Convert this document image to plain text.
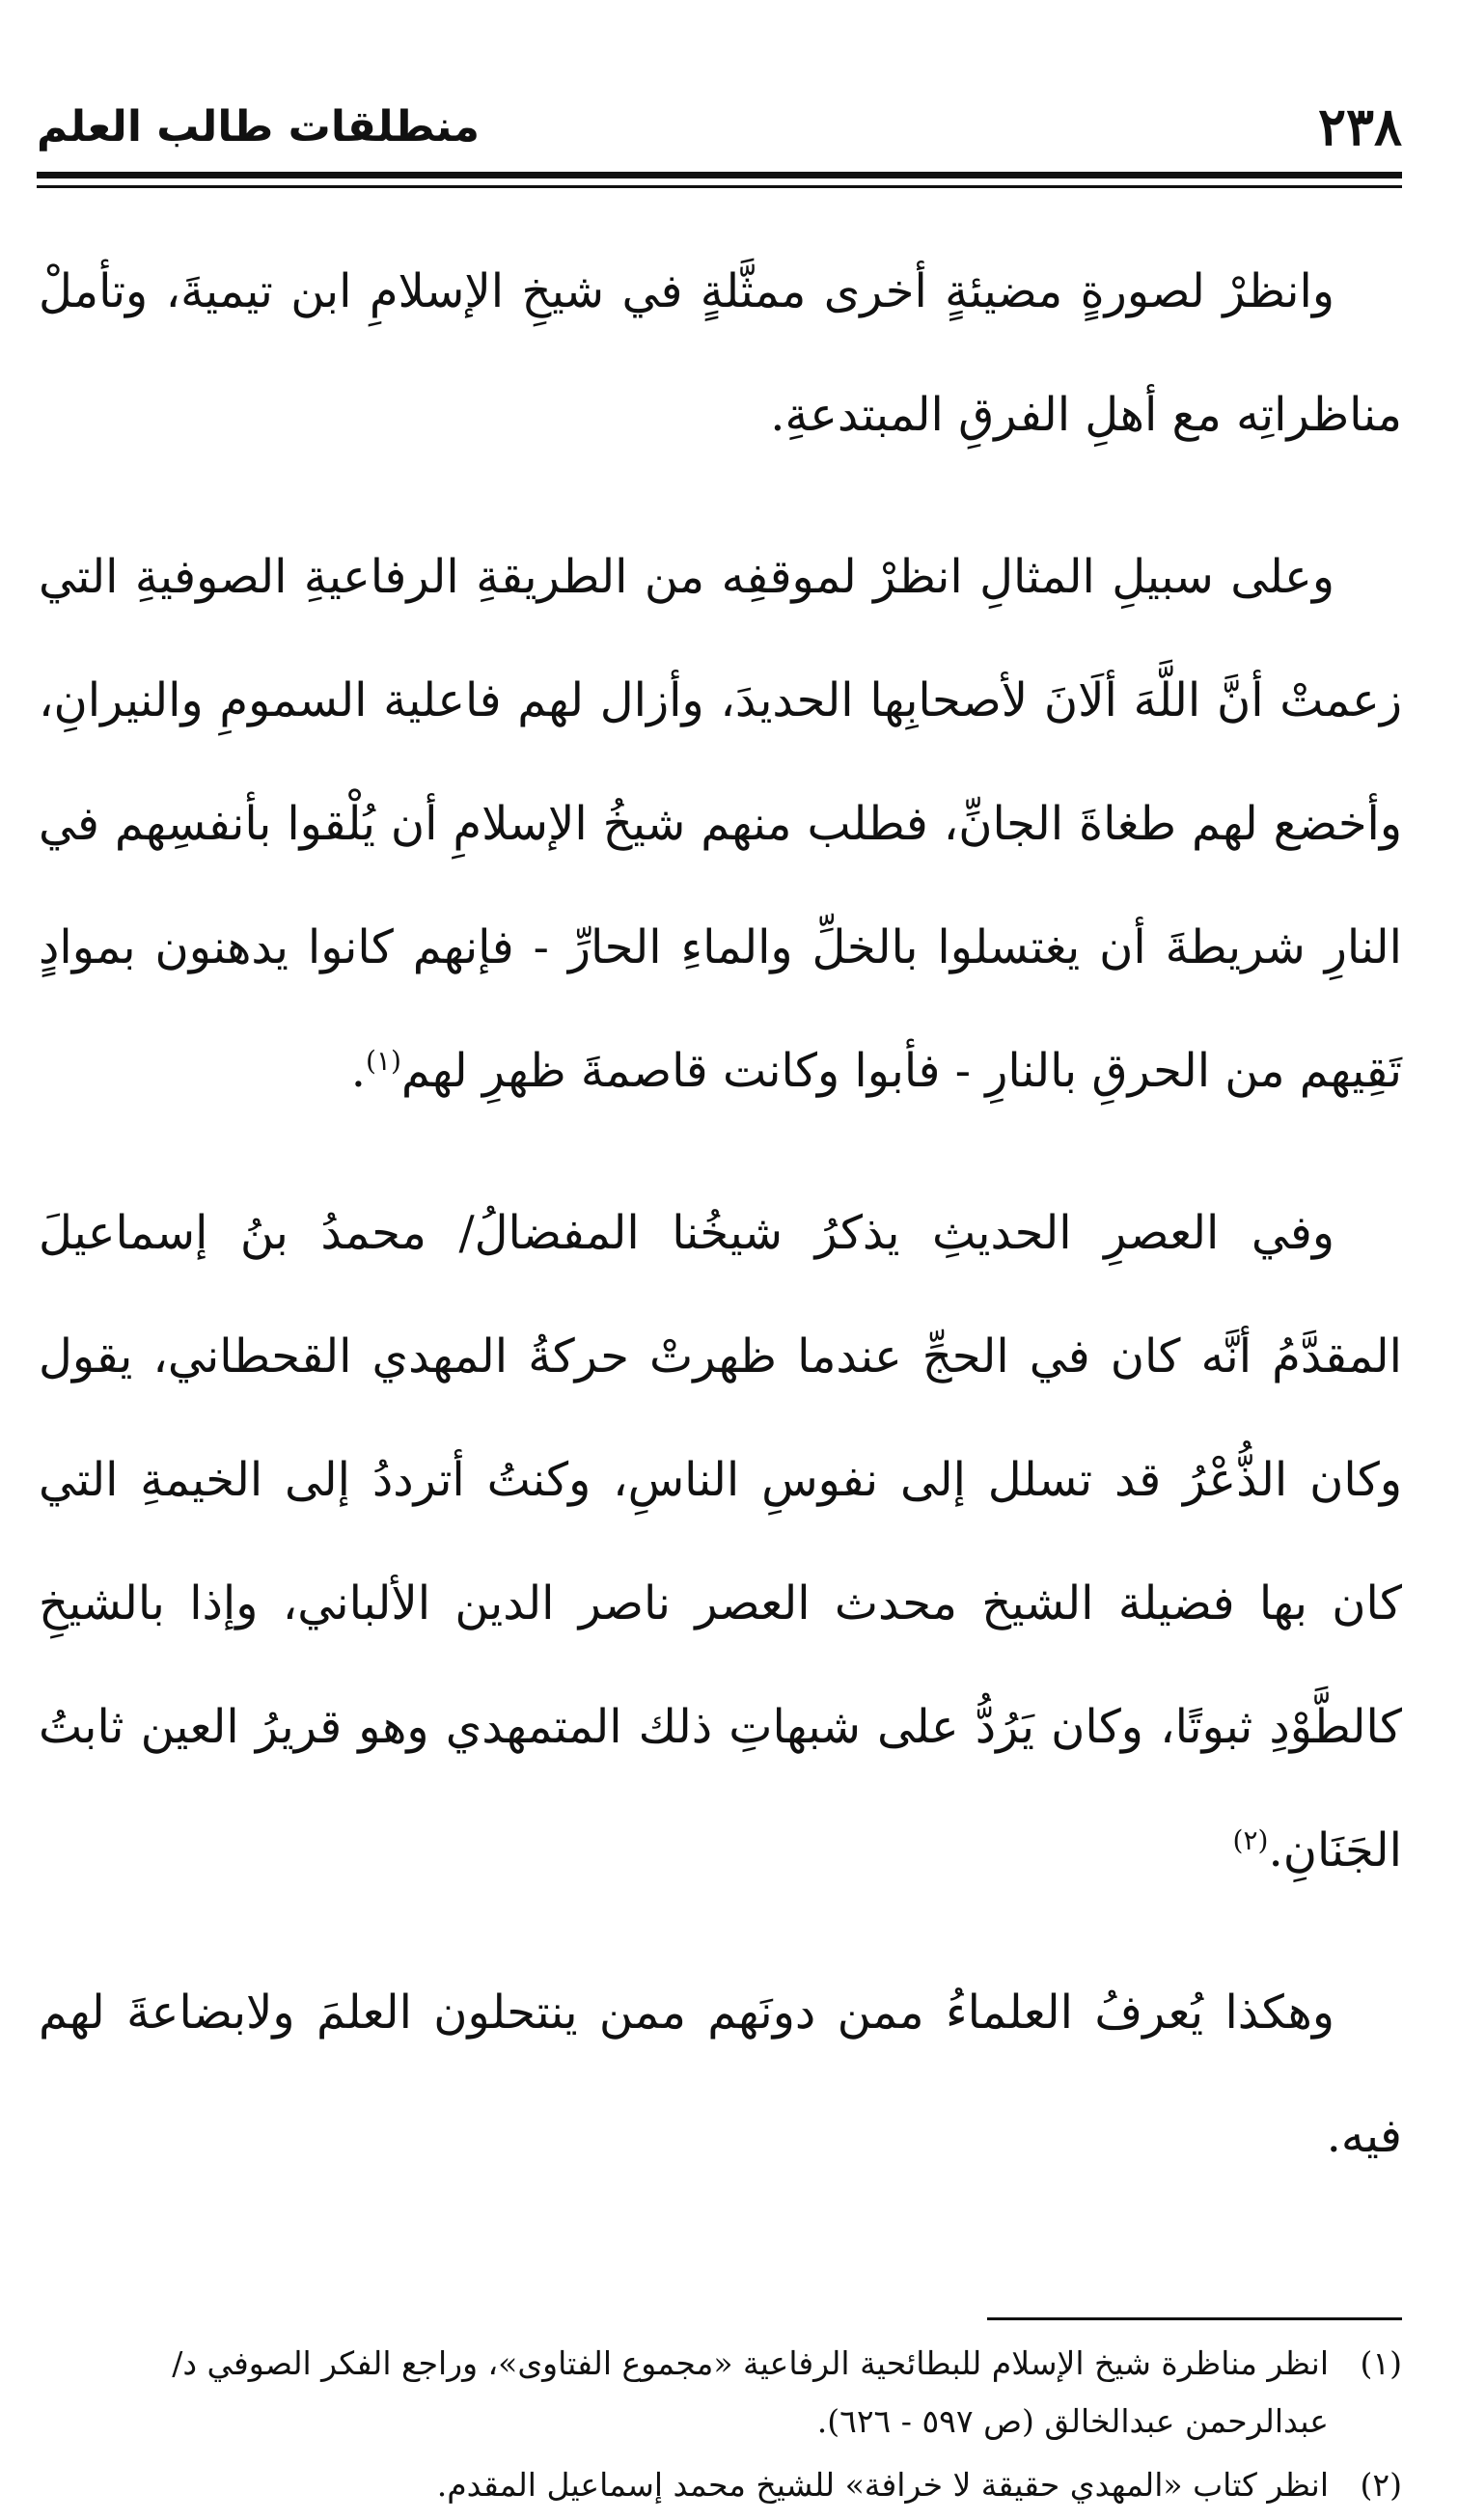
٢٣٨
منطلقات طالب العلم

وانظرْ لصورةٍ مضيئةٍ أخرى ممثَّلةٍ في شيخِ الإسلامِ ابن تيميةَ، وتأملْ مناظراتِه مع أهلِ الفرقِ المبتدعةِ.

وعلى سبيلِ المثالِ انظرْ لموقفِه من الطريقةِ الرفاعيةِ الصوفيةِ التي زعمتْ أنَّ اللَّهَ ألَانَ لأصحابِها الحديدَ، وأزال لهم فاعلية السمومِ والنيرانِ، وأخضع لهم طغاةَ الجانِّ، فطلب منهم شيخُ الإسلامِ أن يُلْقوا بأنفسِهم في النارِ شريطةَ أن يغتسلوا بالخلِّ والماءِ الحارِّ - فإنهم كانوا يدهنون بموادٍ تَقِيهم من الحرقِ بالنارِ - فأبوا وكانت قاصمةَ ظهرِ لهم$^{(١)}$.

وفي العصرِ الحديثِ يذكرُ شيخُنا المفضالُ/ محمدُ بنُ إسماعيلَ المقدَّمُ أنَّه كان في الحجِّ عندما ظهرتْ حركةُ المهدي القحطاني، يقول وكان الذُّعْرُ قد تسلل إلى نفوسِ الناسِ، وكنتُ أترددُ إلى الخيمةِ التي كان بها فضيلة الشيخ محدث العصر ناصر الدين الألباني، وإذا بالشيخِ كالطَّوْدِ ثبوتًا، وكان يَرُدُّ على شبهاتِ ذلك المتمهدي وهو قريرُ العين ثابتُ الجَنَانِ.$^{(٢)}$

وهكذا يُعرفُ العلماءُ ممن دونَهم ممن ينتحلون العلمَ ولابضاعةَ لهم فيه.

(١)
انظر مناظرة شيخ الإسلام للبطائحية الرفاعية «مجموع الفتاوى»، وراجع الفكر الصوفي د/ عبدالرحمن عبدالخالق (ص ٥٩٧ - ٦٢٦).

(٢)
انظر كتاب «المهدي حقيقة لا خرافة» للشيخ محمد إسماعيل المقدم.
